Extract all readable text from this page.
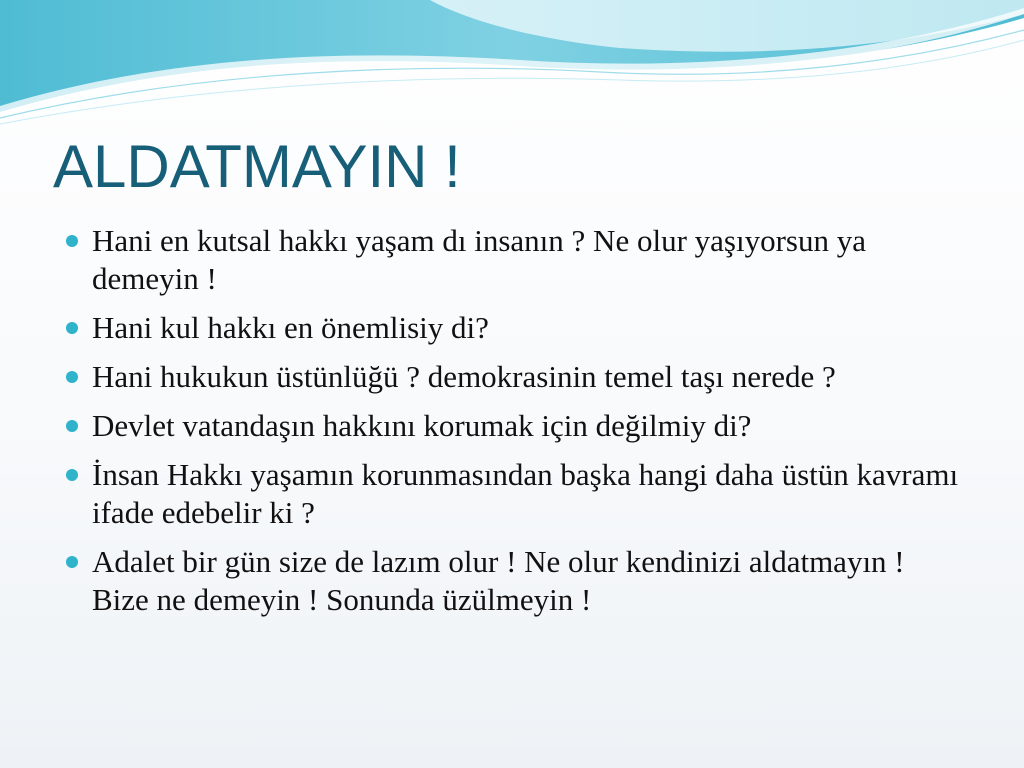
ALDATMAYIN !
Hani en kutsal hakkı yaşam dı insanın ? Ne olur yaşıyorsun ya demeyin !
Hani kul hakkı en önemlisiy di?
Hani hukukun üstünlüğü ? demokrasinin temel taşı nerede ?
Devlet vatandaşın hakkını korumak için değilmiy di?
İnsan Hakkı yaşamın korunmasından başka hangi daha üstün kavramı ifade edebelir ki ?
Adalet bir gün size de lazım olur ! Ne olur kendinizi aldatmayın ! Bize ne demeyin ! Sonunda üzülmeyin !
